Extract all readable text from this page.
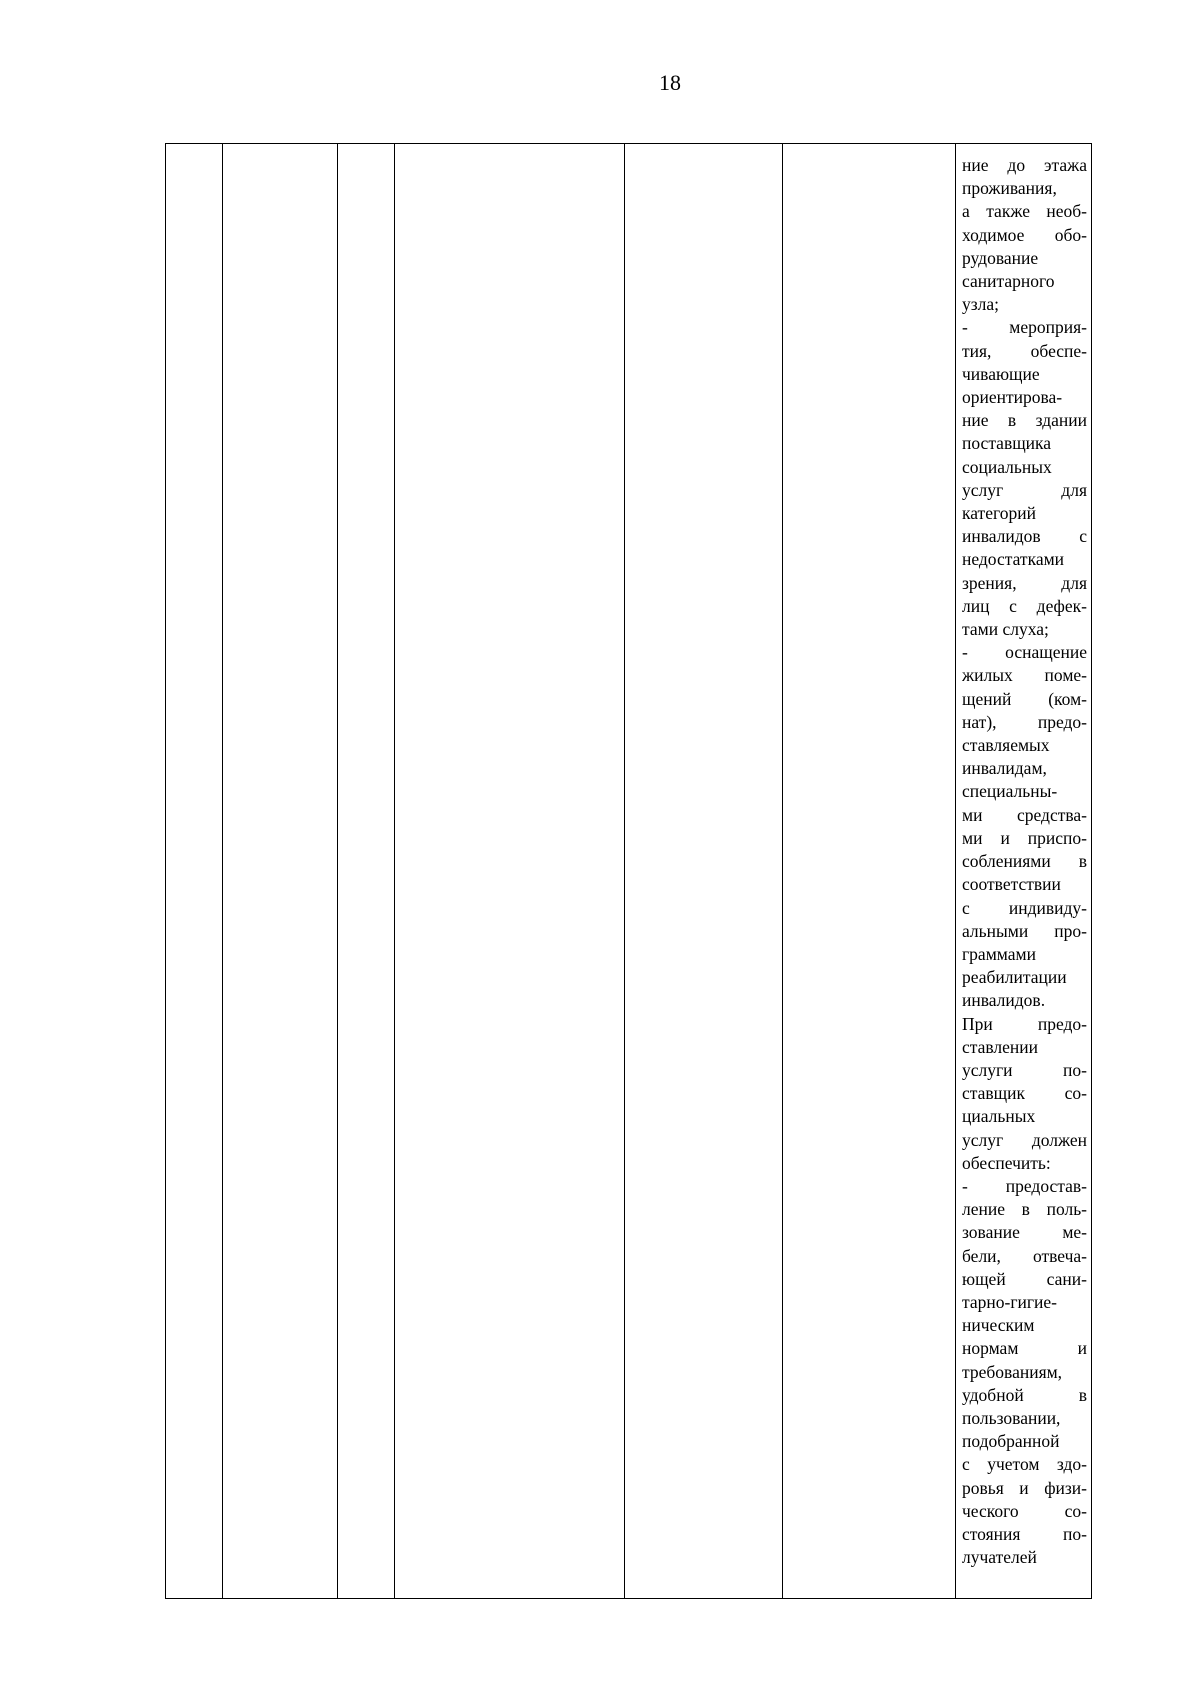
18

ние до этажа
проживания,
а также необ-
ходимое обо-
рудование
санитарного
узла;
- мероприя-
тия, обеспе-
чивающие
ориентирова-
ние в здании
поставщика
социальных
услуг для
категорий
инвалидов с
недостатками
зрения, для
лиц с дефек-
тами слуха;
- оснащение
жилых поме-
щений (ком-
нат), предо-
ставляемых
инвалидам,
специальны-
ми средства-
ми и приспо-
соблениями в
соответствии
с индивиду-
альными про-
граммами
реабилитации
инвалидов.
При предо-
ставлении
услуги по-
ставщик со-
циальных
услуг должен
обеспечить:
- предостав-
ление в поль-
зование ме-
бели, отвеча-
ющей сани-
тарно-гигие-
ническим
нормам и
требованиям,
удобной в
пользовании,
подобранной
с учетом здо-
ровья и физи-
ческого со-
стояния по-
лучателей
